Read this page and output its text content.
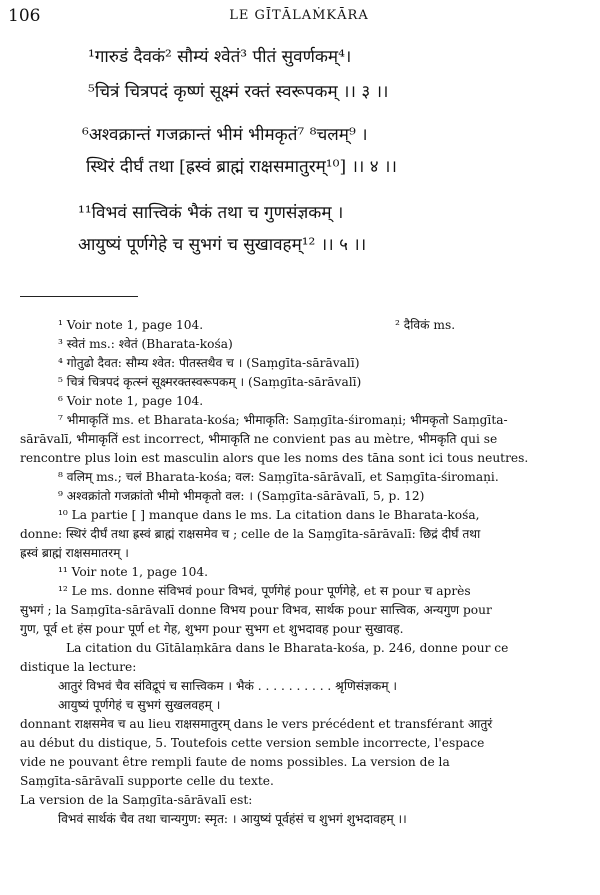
106	LE GĪTĀLAṀKĀRA
¹गारुडं दैवकं² सौम्यं श्वेतं³ पीतं सुवर्णकम्⁴।
⁵चित्रं चित्रपदं कृष्णं सूक्ष्मं रक्तं स्वरूपकम् ।। ३ ।।
⁶अश्वक्रान्तं गजक्रान्तं भीमं भीमकृतं⁷ ⁸चलम्⁹ ।
स्थिरं दीर्घं तथा [ह्रस्वं ब्राह्मं राक्षसमातुरम्¹⁰] ।। ४ ।।
¹¹विभवं सात्त्विकं भैकं तथा च गुणसंज्ञकम् ।
आयुष्यं पूर्णगेहे च सुभगं च सुखावहम्¹² ।। ५ ।।

¹ Voir note 1, page 104.	² दैविकं ms.

³ स्वेतं ms.: श्वेतं (Bharata-kośa)

⁴ गोतुढो दैवत: सौम्य श्वेत: पीतस्तथैव च । (Saṃgīta-sārāvalī)

⁵ चित्रं चित्रपदं कृत्स्नं सूक्ष्मरक्तस्वरूपकम् । (Saṃgīta-sārāvalī)

⁶ Voir note 1, page 104.

⁷ भीमाकृतिं ms. et Bharata-kośa; भीमाकृति: Saṃgīta-śiromaṇi; भीमकृतो Saṃgīta-

sārāvalī, भीमाकृतिं est incorrect, भीमाकृति ne convient pas au mètre, भीमकृति qui se

rencontre plus loin est masculin alors que les noms des tāna sont ici tous neutres.

⁸ वलिम् ms.; चलं Bharata-kośa; वल: Saṃgīta-sārāvalī, et Saṃgīta-śiromaṇi.

⁹ अश्वक्रांतो गजक्रांतो भीमो भीमकृतो वल: । (Saṃgīta-sārāvalī, 5, p. 12)

¹⁰ La partie [ ] manque dans le ms. La citation dans le Bharata-kośa,

donne: स्थिरं दीर्घं तथा ह्रस्वं ब्राह्मं राक्षसमेव च ; celle de la Saṃgīta-sārāvalī: छिद्रं दीर्घं तथा

ह्रस्वं ब्राह्मं राक्षसमातरम् ।

¹¹ Voir note 1, page 104.

¹² Le ms. donne संविभवं pour विभवं, पूर्णगेहं pour पूर्णगेहे, et स pour च après

सुभगं ; la Saṃgīta-sārāvalī donne विभय pour विभव, सार्थक pour सात्त्विक, अन्यगुण pour

गुण, पूर्व et हंस pour पूर्ण et गेह, शुभग pour सुभग et शुभदावह pour सुखावह.

La citation du Gītālaṃkāra dans le Bharata-kośa, p. 246, donne pour ce

distique la lecture:

आतुरं विभवं चैव संविद्रूपं च सात्त्विकम । भैकं . . . . . . . . . . श्रृणिसंज्ञकम् ।

आयुष्यं पूर्णगेहं च सुभगं सुखलवहम् ।

donnant राक्षसमेव च au lieu राक्षसमातुरम् dans le vers précédent et transférant आतुरं

au début du distique, 5. Toutefois cette version semble incorrecte, l'espace

vide ne pouvant être rempli faute de noms possibles. La version de la

Saṃgīta-sārāvalī supporte celle du texte.

La version de la Saṃgīta-sārāvalī est:

विभवं सार्थकं चैव तथा चान्यगुण: स्मृत: । आयुष्यं पूर्वहंसं च शुभगं शुभदावहम् ।।
